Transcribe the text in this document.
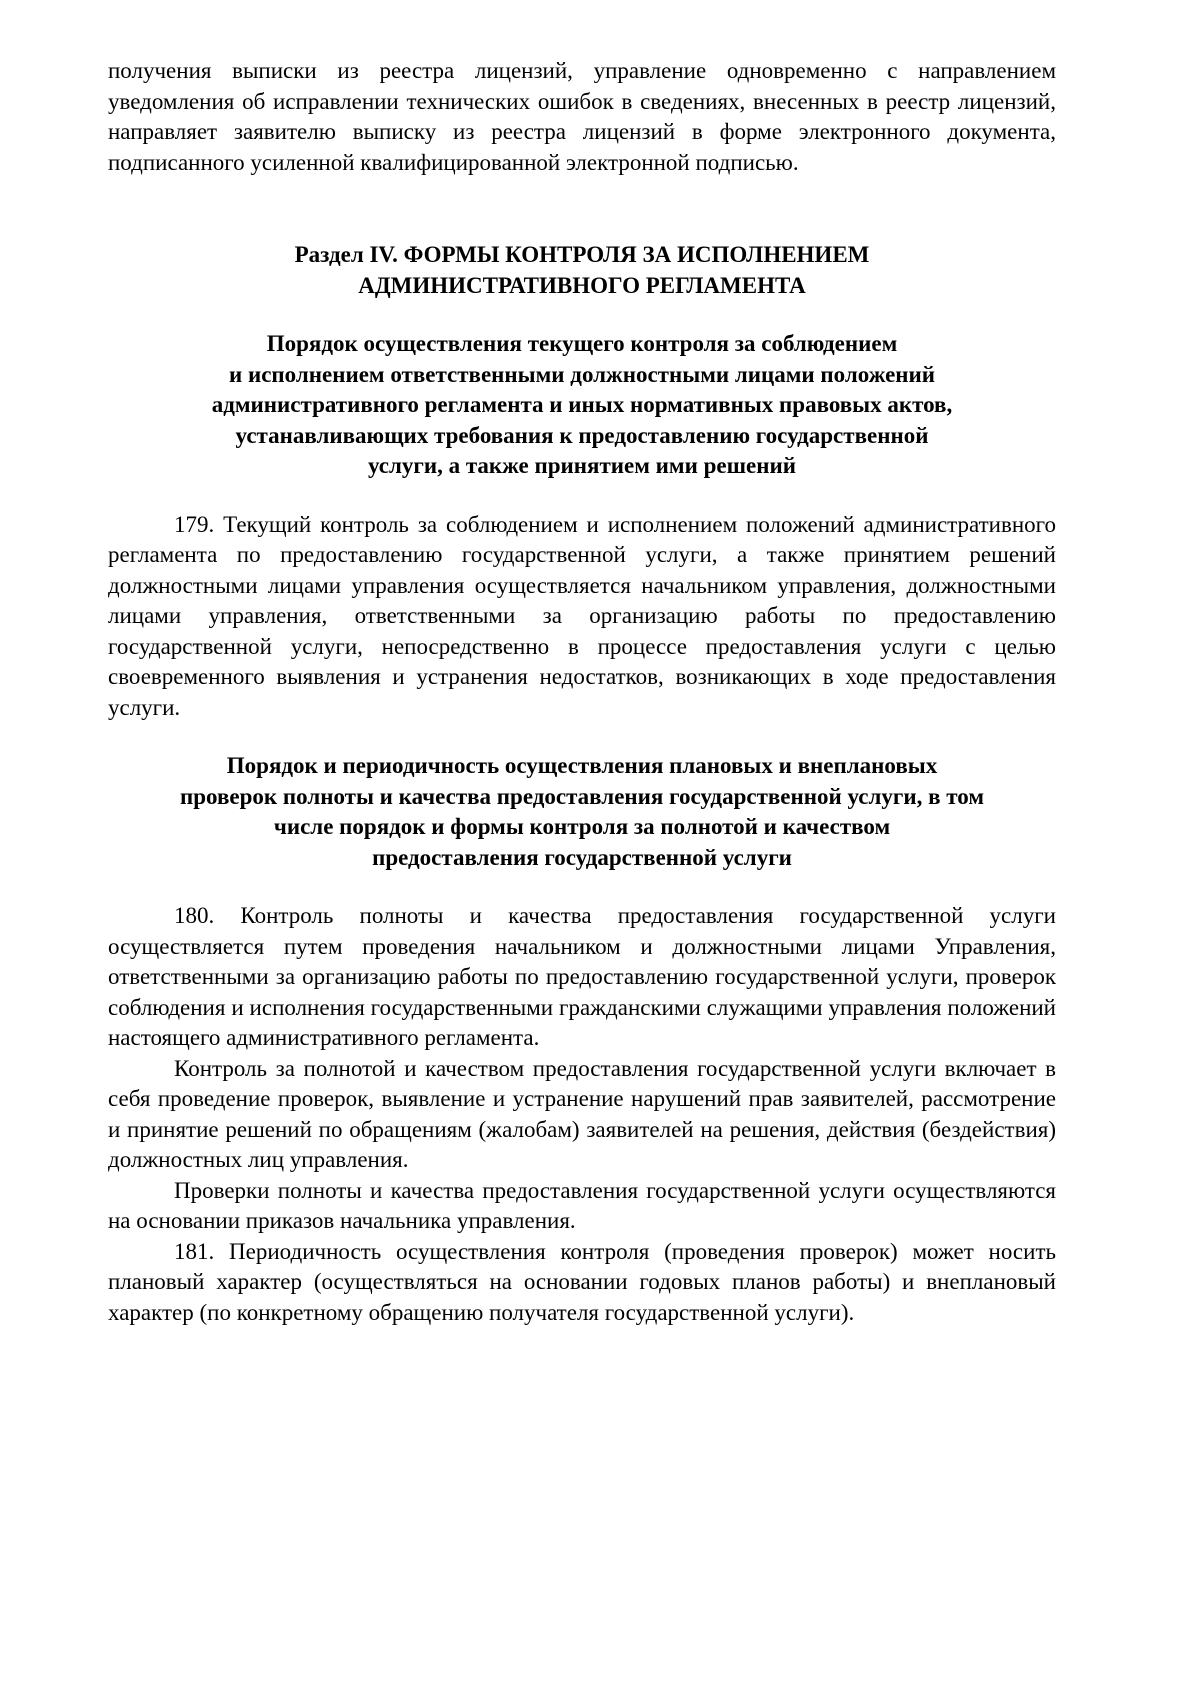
получения выписки из реестра лицензий, управление одновременно с направлением уведомления об исправлении технических ошибок в сведениях, внесенных в реестр лицензий, направляет заявителю выписку из реестра лицензий в форме электронного документа, подписанного усиленной квалифицированной электронной подписью.

Раздел IV. ФОРМЫ КОНТРОЛЯ ЗА ИСПОЛНЕНИЕМ
АДМИНИСТРАТИВНОГО РЕГЛАМЕНТА
Порядок осуществления текущего контроля за соблюдением
и исполнением ответственными должностными лицами положений
административного регламента и иных нормативных правовых актов,
устанавливающих требования к предоставлению государственной
услуги, а также принятием ими решений

179. Текущий контроль за соблюдением и исполнением положений административного регламента по предоставлению государственной услуги, а также принятием решений должностными лицами управления осуществляется начальником управления, должностными лицами управления, ответственными за организацию работы по предоставлению государственной услуги, непосредственно в процессе предоставления услуги с целью своевременного выявления и устранения недостатков, возникающих в ходе предоставления услуги.

Порядок и периодичность осуществления плановых и внеплановых
проверок полноты и качества предоставления государственной услуги, в том
числе порядок и формы контроля за полнотой и качеством
предоставления государственной услуги

180. Контроль полноты и качества предоставления государственной услуги осуществляется путем проведения начальником и должностными лицами Управления, ответственными за организацию работы по предоставлению государственной услуги, проверок соблюдения и исполнения государственными гражданскими служащими управления положений настоящего административного регламента.

Контроль за полнотой и качеством предоставления государственной услуги включает в себя проведение проверок, выявление и устранение нарушений прав заявителей, рассмотрение и принятие решений по обращениям (жалобам) заявителей на решения, действия (бездействия) должностных лиц управления.

Проверки полноты и качества предоставления государственной услуги осуществляются на основании приказов начальника управления.

181. Периодичность осуществления контроля (проведения проверок) может носить плановый характер (осуществляться на основании годовых планов работы) и внеплановый характер (по конкретному обращению получателя государственной услуги).
